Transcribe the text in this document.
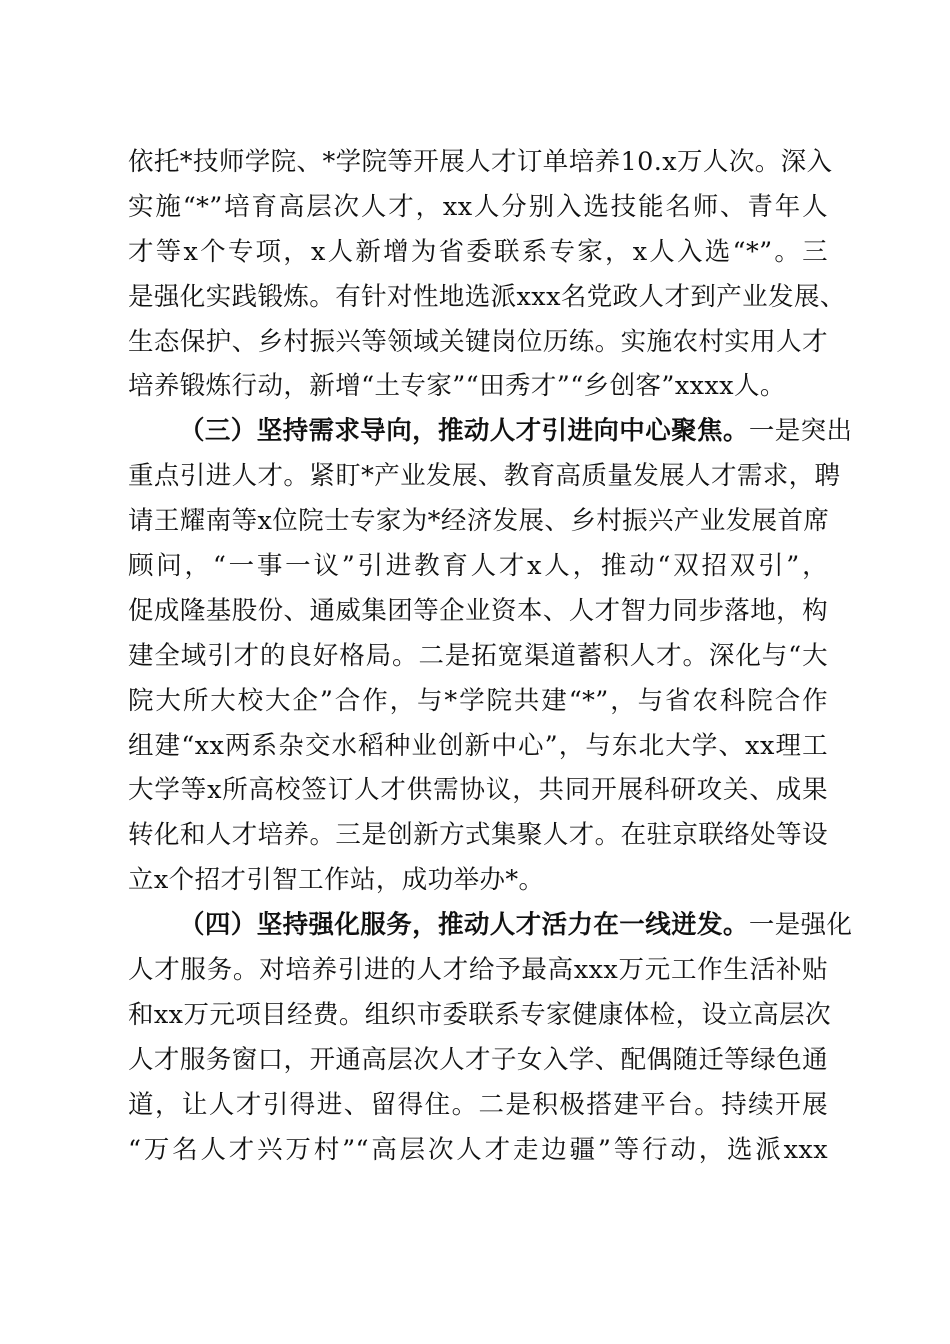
依托*技师学院、*学院等开展人才订单培养10.x万人次。深入
实施“*”培育高层次人才，xx人分别入选技能名师、青年人
才等x个专项，x人新增为省委联系专家，x人入选“*”。三
是强化实践锻炼。有针对性地选派xxx名党政人才到产业发展、
生态保护、乡村振兴等领域关键岗位历练。实施农村实用人才
培养锻炼行动，新增“土专家”“田秀才”“乡创客”xxxx人。
（三）坚持需求导向，推动人才引进向中心聚焦。一是突出
重点引进人才。紧盯*产业发展、教育高质量发展人才需求，聘
请王耀南等x位院士专家为*经济发展、乡村振兴产业发展首席
顾问，“一事一议”引进教育人才x人，推动“双招双引”，
促成隆基股份、通威集团等企业资本、人才智力同步落地，构
建全域引才的良好格局。二是拓宽渠道蓄积人才。深化与“大
院大所大校大企”合作，与*学院共建“*”，与省农科院合作
组建“xx两系杂交水稻种业创新中心”，与东北大学、xx理工
大学等x所高校签订人才供需协议，共同开展科研攻关、成果
转化和人才培养。三是创新方式集聚人才。在驻京联络处等设
立x个招才引智工作站，成功举办*。
（四）坚持强化服务，推动人才活力在一线迸发。一是强化
人才服务。对培养引进的人才给予最高xxx万元工作生活补贴
和xx万元项目经费。组织市委联系专家健康体检，设立高层次
人才服务窗口，开通高层次人才子女入学、配偶随迁等绿色通
道，让人才引得进、留得住。二是积极搭建平台。持续开展
“万名人才兴万村”“高层次人才走边疆”等行动，选派xxx
